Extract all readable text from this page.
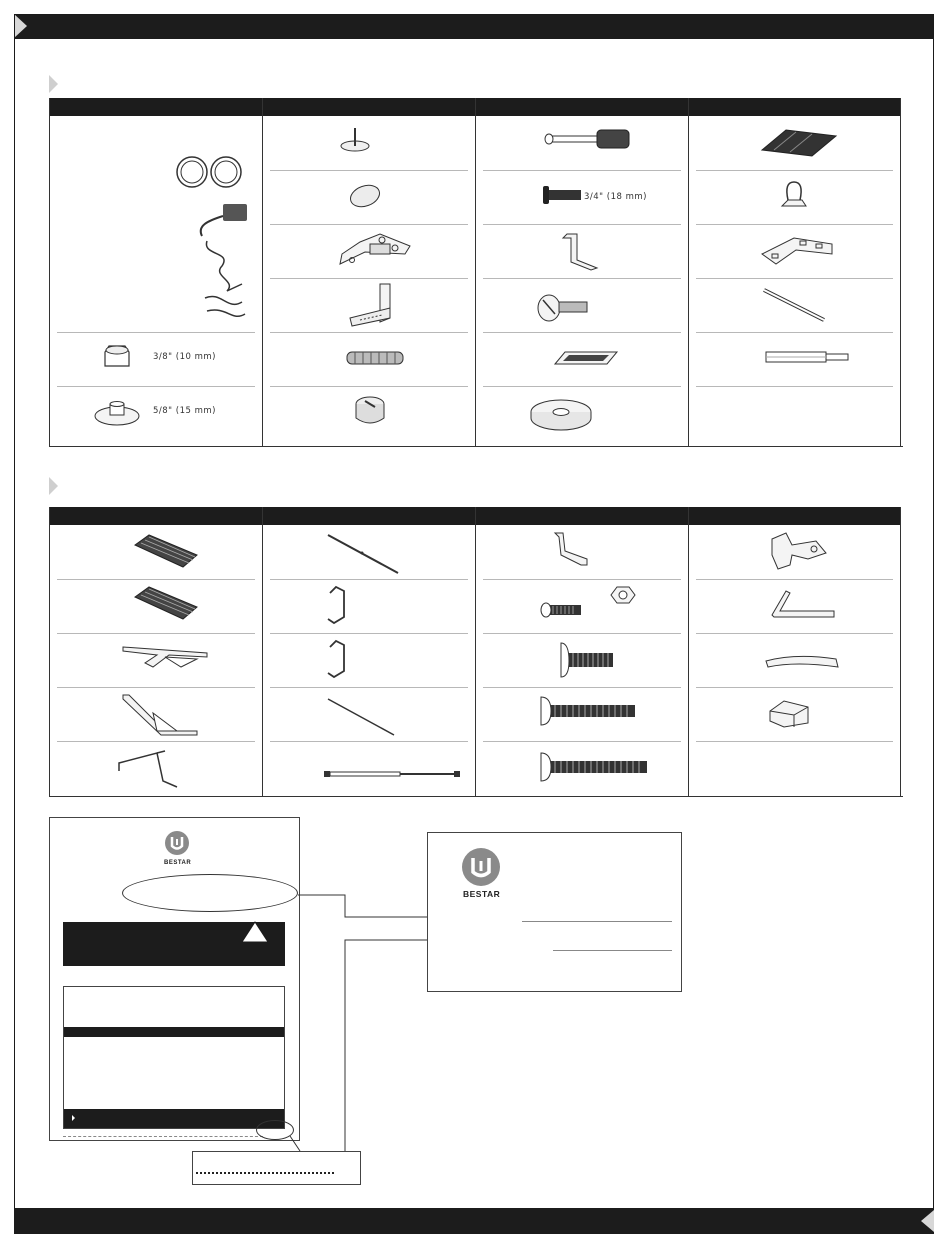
3/8" (10 mm)
5/8" (15 mm)
3/4" (18 mm)
BESTAR
BESTAR
